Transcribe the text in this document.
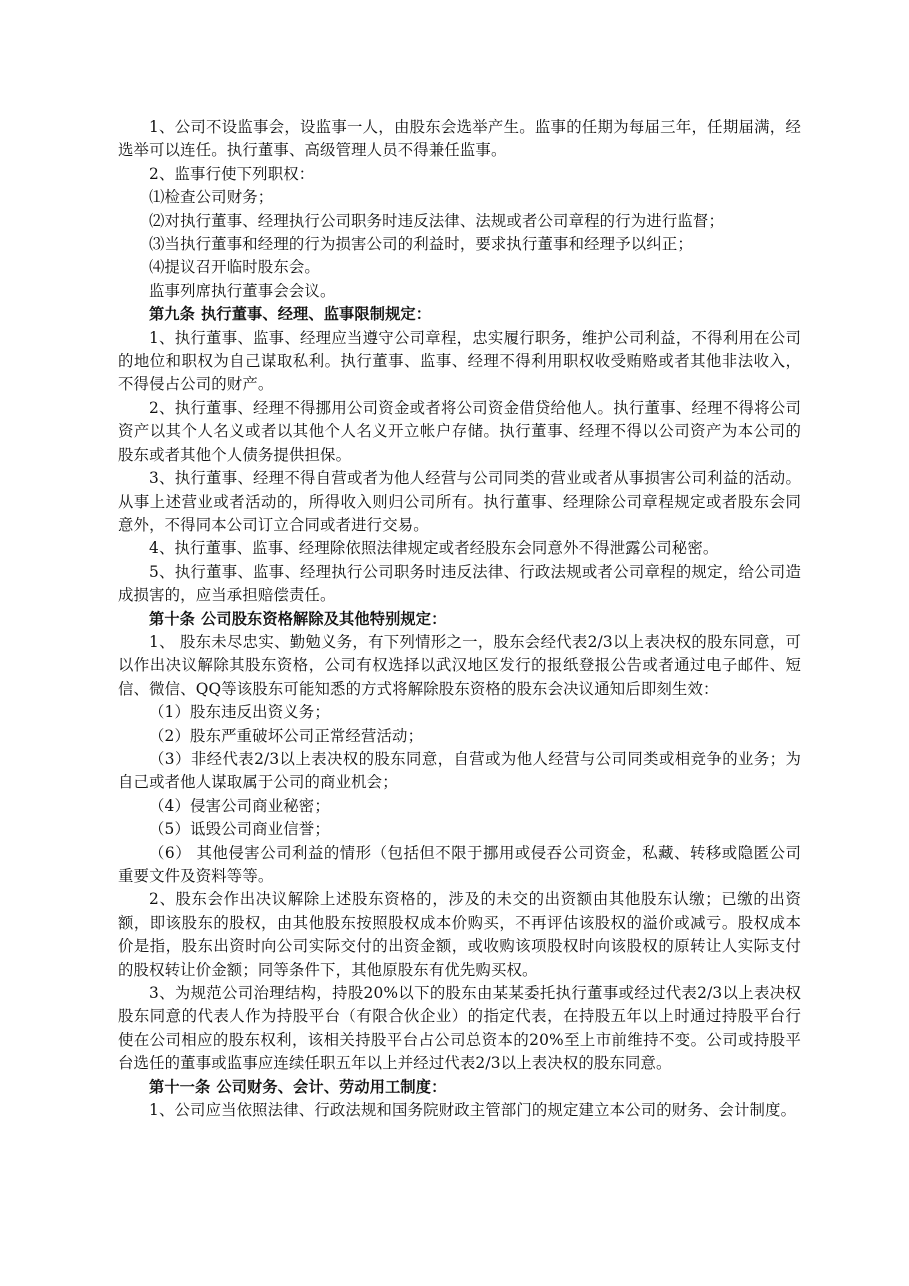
1、公司不设监事会，设监事一人，由股东会选举产生。监事的任期为每届三年，任期届满，经选举可以连任。执行董事、高级管理人员不得兼任监事。

2、监事行使下列职权：

⑴检查公司财务；

⑵对执行董事、经理执行公司职务时违反法律、法规或者公司章程的行为进行监督；

⑶当执行董事和经理的行为损害公司的利益时，要求执行董事和经理予以纠正；

⑷提议召开临时股东会。

监事列席执行董事会会议。

第九条 执行董事、经理、监事限制规定：

1、执行董事、监事、经理应当遵守公司章程，忠实履行职务，维护公司利益，不得利用在公司的地位和职权为自己谋取私利。执行董事、监事、经理不得利用职权收受贿赂或者其他非法收入，不得侵占公司的财产。

2、执行董事、经理不得挪用公司资金或者将公司资金借贷给他人。执行董事、经理不得将公司资产以其个人名义或者以其他个人名义开立帐户存储。执行董事、经理不得以公司资产为本公司的股东或者其他个人债务提供担保。

3、执行董事、经理不得自营或者为他人经营与公司同类的营业或者从事损害公司利益的活动。从事上述营业或者活动的，所得收入则归公司所有。执行董事、经理除公司章程规定或者股东会同意外，不得同本公司订立合同或者进行交易。

4、执行董事、监事、经理除依照法律规定或者经股东会同意外不得泄露公司秘密。

5、执行董事、监事、经理执行公司职务时违反法律、行政法规或者公司章程的规定，给公司造成损害的，应当承担赔偿责任。

第十条 公司股东资格解除及其他特别规定：

1、 股东未尽忠实、勤勉义务，有下列情形之一，股东会经代表2/3以上表决权的股东同意，可以作出决议解除其股东资格，公司有权选择以武汉地区发行的报纸登报公告或者通过电子邮件、短信、微信、QQ等该股东可能知悉的方式将解除股东资格的股东会决议通知后即刻生效：

（1）股东违反出资义务；

（2）股东严重破坏公司正常经营活动；

（3）非经代表2/3以上表决权的股东同意，自营或为他人经营与公司同类或相竞争的业务；为自己或者他人谋取属于公司的商业机会；

（4）侵害公司商业秘密；

（5）诋毁公司商业信誉；

（6） 其他侵害公司利益的情形（包括但不限于挪用或侵吞公司资金，私藏、转移或隐匿公司重要文件及资料等等。

2、股东会作出决议解除上述股东资格的，涉及的未交的出资额由其他股东认缴；已缴的出资额，即该股东的股权，由其他股东按照股权成本价购买，不再评估该股权的溢价或减亏。股权成本价是指，股东出资时向公司实际交付的出资金额，或收购该项股权时向该股权的原转让人实际支付的股权转让价金额；同等条件下，其他原股东有优先购买权。

3、为规范公司治理结构，持股20%以下的股东由某某委托执行董事或经过代表2/3以上表决权股东同意的代表人作为持股平台（有限合伙企业）的指定代表，在持股五年以上时通过持股平台行使在公司相应的股东权利，该相关持股平台占公司总资本的20%至上市前维持不变。公司或持股平台选任的董事或监事应连续任职五年以上并经过代表2/3以上表决权的股东同意。

第十一条 公司财务、会计、劳动用工制度：

1、公司应当依照法律、行政法规和国务院财政主管部门的规定建立本公司的财务、会计制度。
